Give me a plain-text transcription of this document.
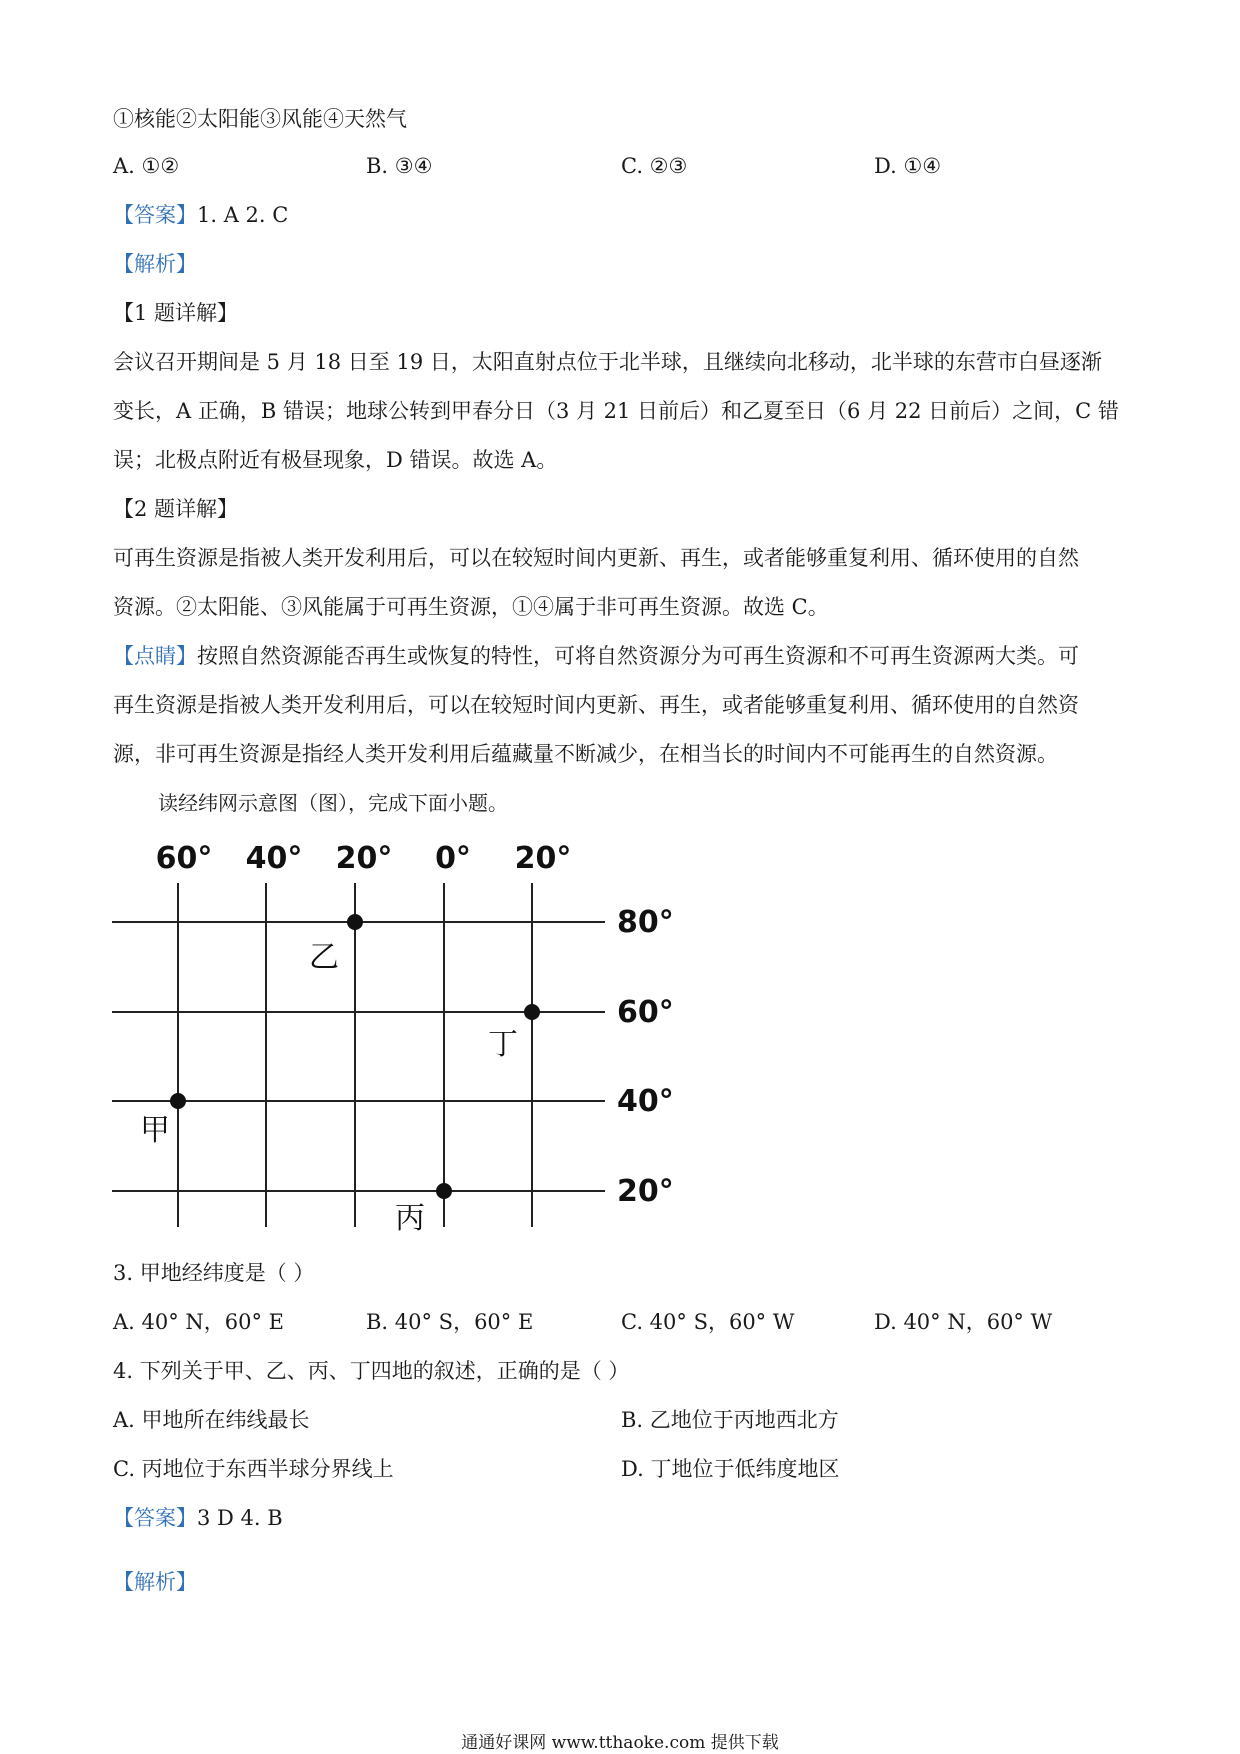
①核能②太阳能③风能④天然气
A. ①②	B. ③④	C. ②③	D. ①④
【答案】1. A 2. C
【解析】
【1 题详解】
会议召开期间是 5 月 18 日至 19 日，太阳直射点位于北半球，且继续向北移动，北半球的东营市白昼逐渐
变长，A 正确，B 错误；地球公转到甲春分日（3 月 21 日前后）和乙夏至日（6 月 22 日前后）之间，C 错
误；北极点附近有极昼现象，D 错误。故选 A。
【2 题详解】
可再生资源是指被人类开发利用后，可以在较短时间内更新、再生，或者能够重复利用、循环使用的自然
资源。②太阳能、③风能属于可再生资源，①④属于非可再生资源。故选 C。
【点睛】按照自然资源能否再生或恢复的特性，可将自然资源分为可再生资源和不可再生资源两大类。可
再生资源是指被人类开发利用后，可以在较短时间内更新、再生，或者能够重复利用、循环使用的自然资
源，非可再生资源是指经人类开发利用后蕴藏量不断减少，在相当长的时间内不可能再生的自然资源。
读经纬网示意图（图），完成下面小题。
60° 40° 20° 0° 20°
80°
60°
40°
20°
甲
乙
丙
丁
3. 甲地经纬度是（ ）
A. 40° N，60° E	B. 40° S，60° E	C. 40° S，60° W	D. 40° N，60° W
4. 下列关于甲、乙、丙、丁四地的叙述，正确的是（ ）
A. 甲地所在纬线最长	B. 乙地位于丙地西北方
C. 丙地位于东西半球分界线上	D. 丁地位于低纬度地区
【答案】3 D 4. B
【解析】
通通好课网 www.tthaoke.com 提供下载
